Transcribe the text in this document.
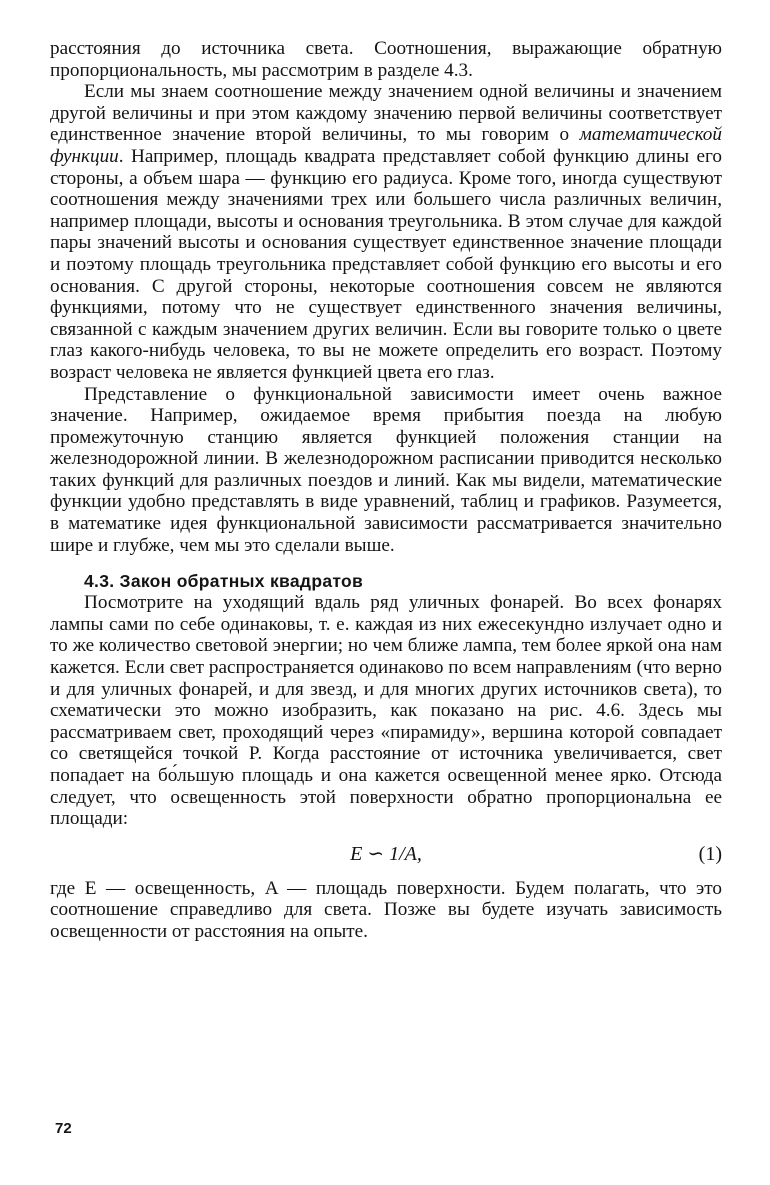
расстояния до источника света. Соотношения, выражающие обратную пропорциональность, мы рассмотрим в разделе 4.3.

Если мы знаем соотношение между значением одной величины и значением другой величины и при этом каждому значению первой величины соответствует единственное значение второй величины, то мы говорим о математической функции. Например, площадь квадрата представляет собой функцию длины его стороны, а объем шара — функцию его радиуса. Кроме того, иногда существуют соотношения между значениями трех или большего числа различных величин, например площади, высоты и основания треугольника. В этом случае для каждой пары значений высоты и основания существует единственное значение площади и поэтому площадь треугольника представляет собой функцию его высоты и его основания. С другой стороны, некоторые соотношения совсем не являются функциями, потому что не существует единственного значения величины, связанной с каждым значением других величин. Если вы говорите только о цвете глаз какого-нибудь человека, то вы не можете определить его возраст. Поэтому возраст человека не является функцией цвета его глаз.

Представление о функциональной зависимости имеет очень важное значение. Например, ожидаемое время прибытия поезда на любую промежуточную станцию является функцией положения станции на железнодорожной линии. В железнодорожном расписании приводится несколько таких функций для различных поездов и линий. Как мы видели, математические функции удобно представлять в виде уравнений, таблиц и графиков. Разумеется, в математике идея функциональной зависимости рассматривается значительно шире и глубже, чем мы это сделали выше.

4.3. Закон обратных квадратов

Посмотрите на уходящий вдаль ряд уличных фонарей. Во всех фонарях лампы сами по себе одинаковы, т. е. каждая из них ежесекундно излучает одно и то же количество световой энергии; но чем ближе лампа, тем более яркой она нам кажется. Если свет распространяется одинаково по всем направлениям (что верно и для уличных фонарей, и для звезд, и для многих других источников света), то схематически это можно изобразить, как показано на рис. 4.6. Здесь мы рассматриваем свет, проходящий через «пирамиду», вершина которой совпадает со светящейся точкой P. Когда расстояние от источника увеличивается, свет попадает на бо́льшую площадь и она кажется освещенной менее ярко. Отсюда следует, что освещенность этой поверхности обратно пропорциональна ее площади:

E ∽ 1/A,	(1)

где E — освещенность, A — площадь поверхности. Будем полагать, что это соотношение справедливо для света. Позже вы будете изучать зависимость освещенности от расстояния на опыте.

72
